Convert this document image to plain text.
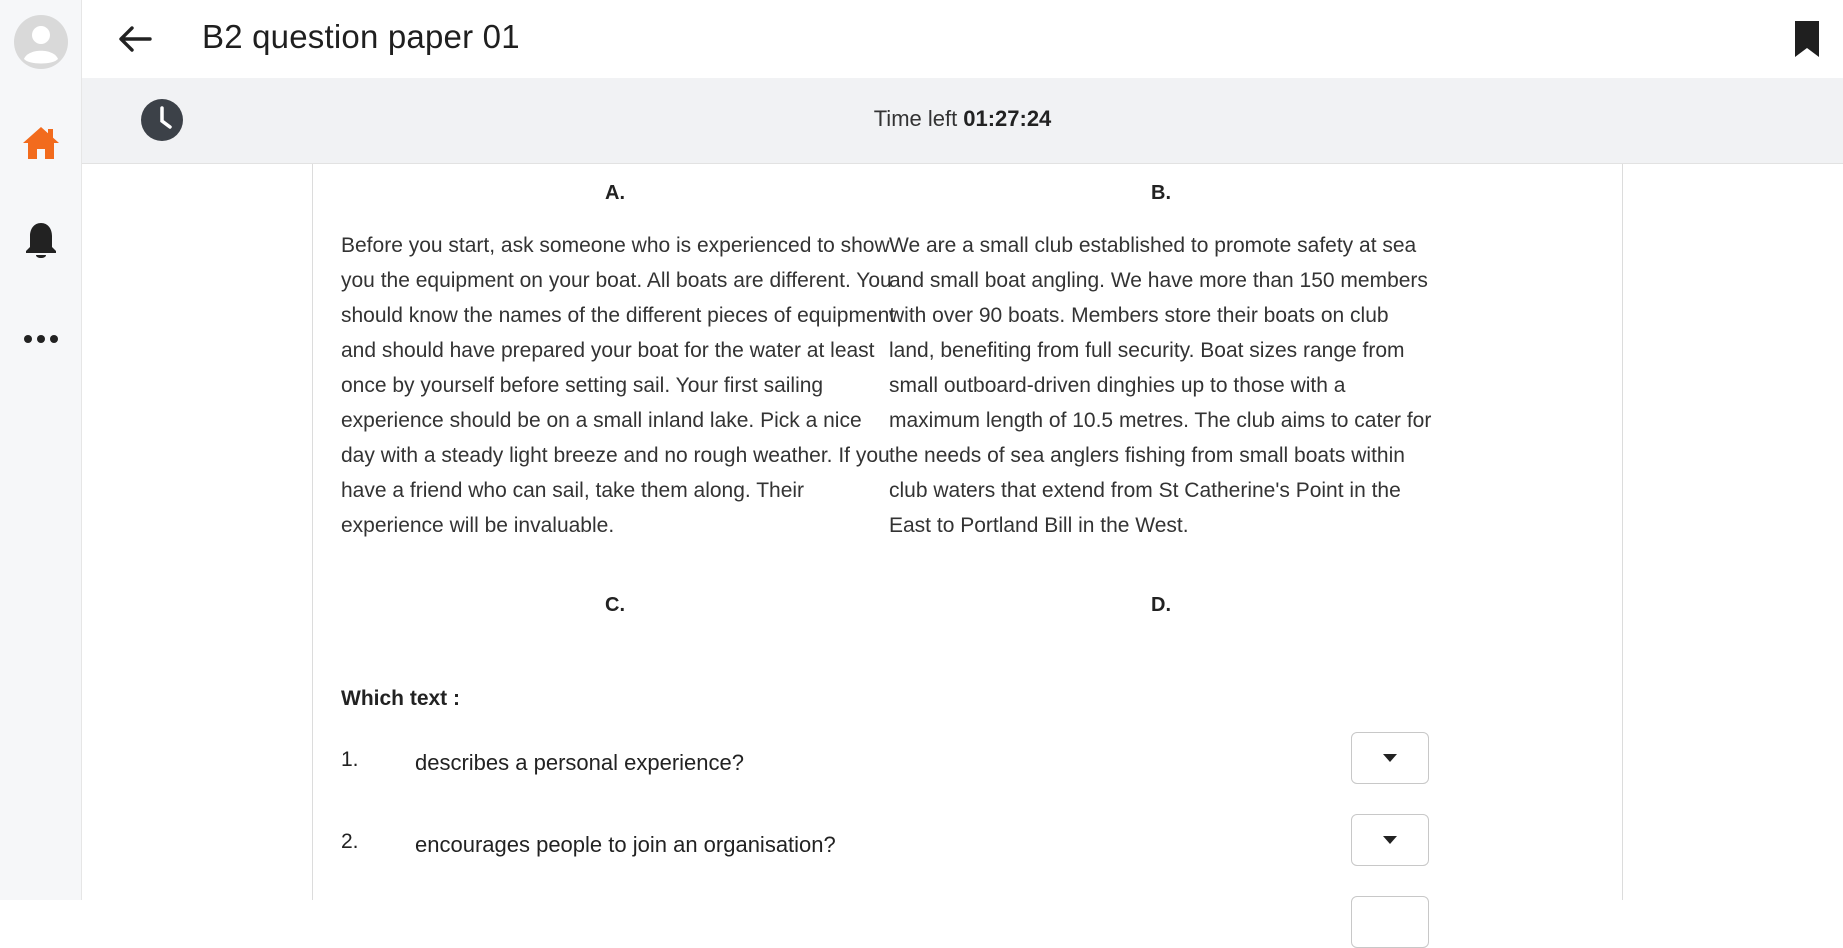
B2 question paper 01
Time left 01:27:24
A.	B.

Before you start, ask someone who is experienced to show you the equipment on your boat. All boats are different. You should know the names of the different pieces of equipment and should have prepared your boat for the water at least once by yourself before setting sail. Your first sailing experience should be on a small inland lake. Pick a nice day with a steady light breeze and no rough weather. If you have a friend who can sail, take them along. Their experience will be invaluable.

We are a small club established to promote safety at sea and small boat angling. We have more than 150 members with over 90 boats. Members store their boats on club land, benefiting from full security. Boat sizes range from small outboard-driven dinghies up to those with a maximum length of 10.5 metres. The club aims to cater for the needs of sea anglers fishing from small boats within club waters that extend from St Catherine's Point in the East to Portland Bill in the West.

C.	D.
Which text :
1.	describes a personal experience?
2.	encourages people to join an organisation?
